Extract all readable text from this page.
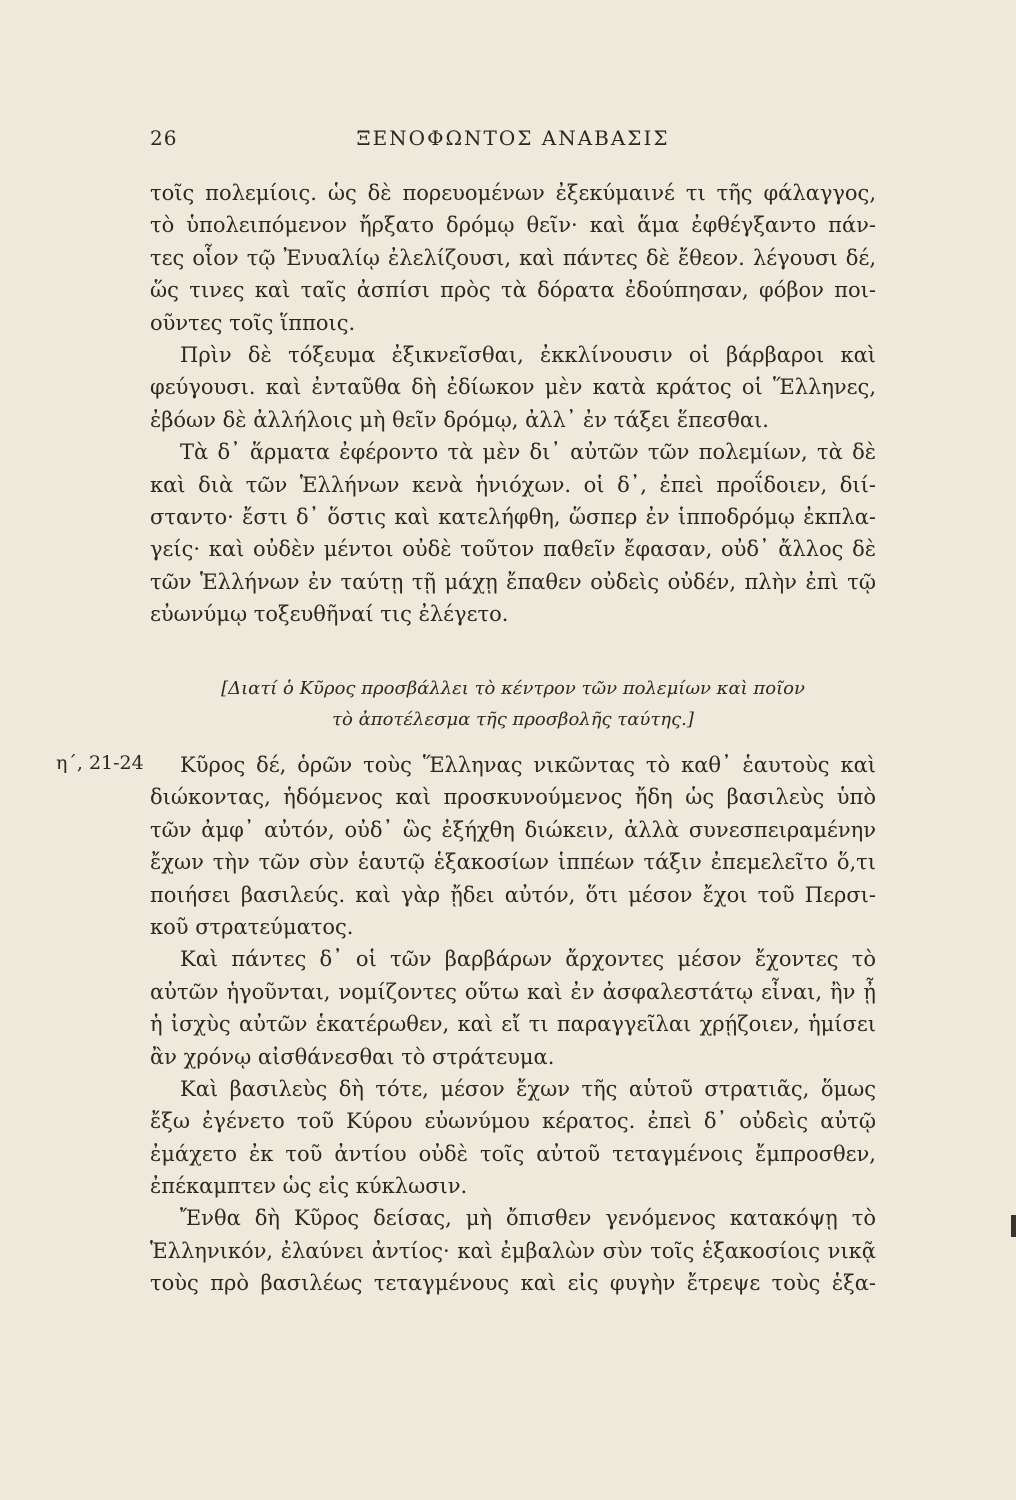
26	ΞΕΝΟΦΩΝΤΟΣ ΑΝΑΒΑΣΙΣ
τοῖς πολεμίοις. ὡς δὲ πορευομένων ἐξεκύμαινέ τι τῆς φάλαγγος,
τὸ ὑπολειπόμενον ἤρξατο δρόμῳ θεῖν· καὶ ἅμα ἐφθέγξαντο πάν-
τες οἷον τῷ Ἐνυαλίῳ ἐλελίζουσι, καὶ πάντες δὲ ἔθεον. λέγουσι δέ,
ὥς τινες καὶ ταῖς ἀσπίσι πρὸς τὰ δόρατα ἐδούπησαν, φόβον ποι-
οῦντες τοῖς ἵπποις.
Πρὶν δὲ τόξευμα ἐξικνεῖσθαι, ἐκκλίνουσιν οἱ βάρβαροι καὶ
φεύγουσι. καὶ ἐνταῦθα δὴ ἐδίωκον μὲν κατὰ κράτος οἱ Ἕλληνες,
ἐβόων δὲ ἀλλήλοις μὴ θεῖν δρόμῳ, ἀλλ᾽ ἐν τάξει ἕπεσθαι.
Τὰ δ᾽ ἅρματα ἐφέροντο τὰ μὲν δι᾽ αὐτῶν τῶν πολεμίων, τὰ δὲ
καὶ διὰ τῶν Ἑλλήνων κενὰ ἡνιόχων. οἱ δ᾽, ἐπεὶ προΐδοιεν, διί-
σταντο· ἔστι δ᾽ ὅστις καὶ κατελήφθη, ὥσπερ ἐν ἱπποδρόμῳ ἐκπλα-
γείς· καὶ οὐδὲν μέντοι οὐδὲ τοῦτον παθεῖν ἔφασαν, οὐδ᾽ ἄλλος δὲ
τῶν Ἑλλήνων ἐν ταύτῃ τῇ μάχῃ ἔπαθεν οὐδεὶς οὐδέν, πλὴν ἐπὶ τῷ
εὐωνύμῳ τοξευθῆναί τις ἐλέγετο.
[Διατί ὁ Κῦρος προσβάλλει τὸ κέντρον τῶν πολεμίων καὶ ποῖον
τὸ ἀποτέλεσμα τῆς προσβολῆς ταύτης.]
η΄, 21-24	Κῦρος δέ, ὁρῶν τοὺς Ἕλληνας νικῶντας τὸ καθ᾽ ἑαυτοὺς καὶ
διώκοντας, ἡδόμενος καὶ προσκυνούμενος ἤδη ὡς βασιλεὺς ὑπὸ
τῶν ἀμφ᾽ αὐτόν, οὐδ᾽ ὣς ἐξήχθη διώκειν, ἀλλὰ συνεσπειραμένην
ἔχων τὴν τῶν σὺν ἑαυτῷ ἑξακοσίων ἱππέων τάξιν ἐπεμελεῖτο ὅ,τι
ποιήσει βασιλεύς. καὶ γὰρ ᾔδει αὐτόν, ὅτι μέσον ἔχοι τοῦ Περσι-
κοῦ στρατεύματος.
Καὶ πάντες δ᾽ οἱ τῶν βαρβάρων ἄρχοντες μέσον ἔχοντες τὸ
αὐτῶν ἡγοῦνται, νομίζοντες οὕτω καὶ ἐν ἀσφαλεστάτῳ εἶναι, ἢν ᾖ
ἡ ἰσχὺς αὐτῶν ἑκατέρωθεν, καὶ εἴ τι παραγγεῖλαι χρῄζοιεν, ἡμίσει
ἂν χρόνῳ αἰσθάνεσθαι τὸ στράτευμα.
Καὶ βασιλεὺς δὴ τότε, μέσον ἔχων τῆς αὑτοῦ στρατιᾶς, ὅμως
ἔξω ἐγένετο τοῦ Κύρου εὐωνύμου κέρατος. ἐπεὶ δ᾽ οὐδεὶς αὐτῷ
ἐμάχετο ἐκ τοῦ ἀντίου οὐδὲ τοῖς αὐτοῦ τεταγμένοις ἔμπροσθεν,
ἐπέκαμπτεν ὡς εἰς κύκλωσιν.
Ἔνθα δὴ Κῦρος δείσας, μὴ ὄπισθεν γενόμενος κατακόψῃ τὸ
Ἑλληνικόν, ἐλαύνει ἀντίος· καὶ ἐμβαλὼν σὺν τοῖς ἑξακοσίοις νικᾷ
τοὺς πρὸ βασιλέως τεταγμένους καὶ εἰς φυγὴν ἔτρεψε τοὺς ἑξα-
